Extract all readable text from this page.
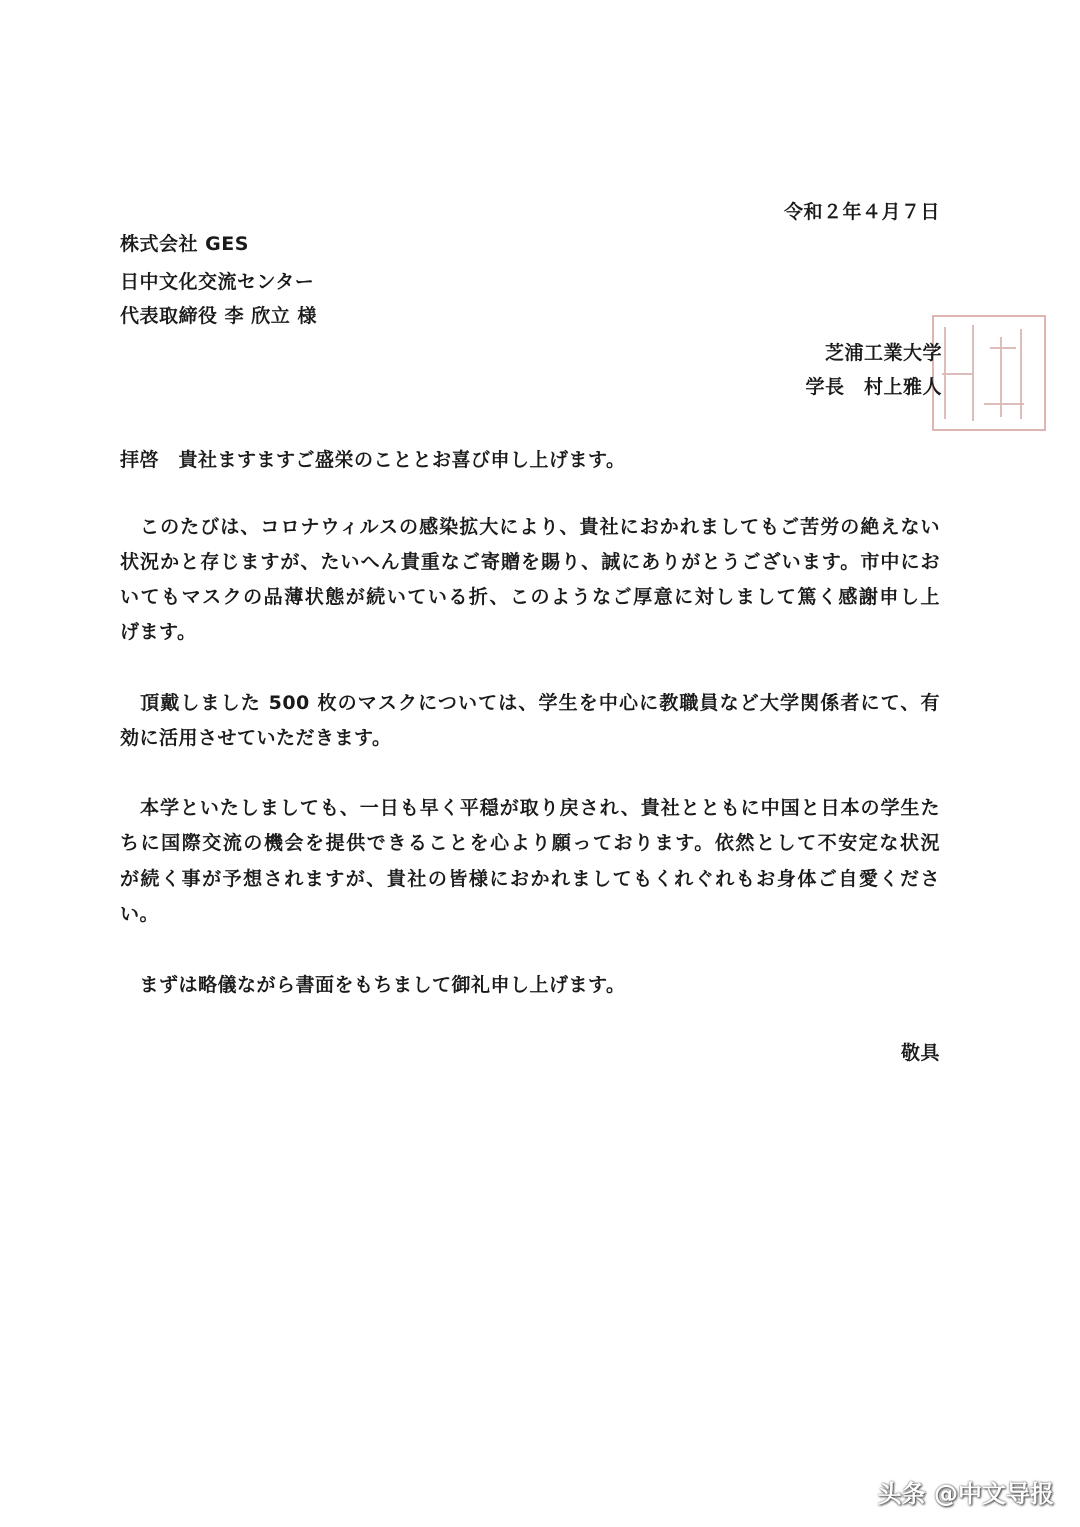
令和２年４月７日
株式会社 GES
日中文化交流センター
代表取締役 李 欣立 様
芝浦工業大学
学長　村上雅人
拝啓　貴社ますますご盛栄のこととお喜び申し上げます。
　このたびは、コロナウィルスの感染拡大により、貴社におかれましてもご苦労の絶えない
状況かと存じますが、たいへん貴重なご寄贈を賜り、誠にありがとうございます。市中にお
いてもマスクの品薄状態が続いている折、このようなご厚意に対しまして篤く感謝申し上
げます。
　頂戴しました 500 枚のマスクについては、学生を中心に教職員など大学関係者にて、有
効に活用させていただきます。
　本学といたしましても、一日も早く平穏が取り戻され、貴社とともに中国と日本の学生た
ちに国際交流の機会を提供できることを心より願っております。依然として不安定な状況
が続く事が予想されますが、貴社の皆様におかれましてもくれぐれもお身体ご自愛くださ
い。
　まずは略儀ながら書面をもちまして御礼申し上げます。
敬具
头条 @中文导报
